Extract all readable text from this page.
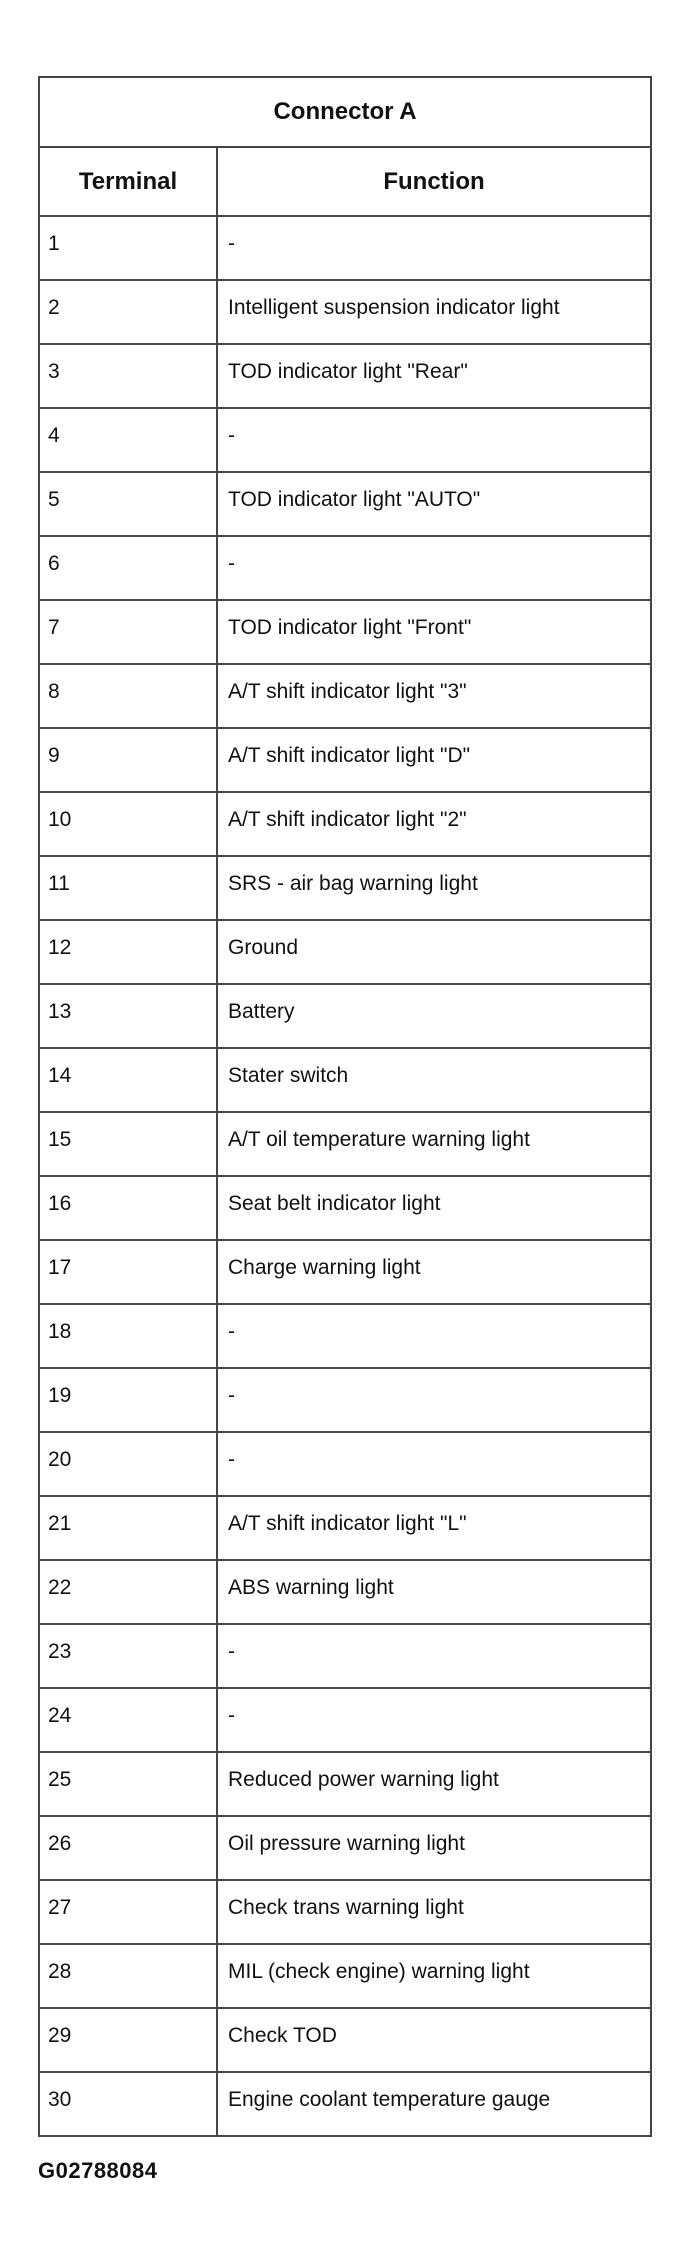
Connector A	
Terminal	Function
1	-
2	Intelligent suspension indicator light
3	TOD indicator light "Rear"
4	-
5	TOD indicator light "AUTO"
6	-
7	TOD indicator light "Front"
8	A/T shift indicator light "3"
9	A/T shift indicator light "D"
10	A/T shift indicator light "2"
11	SRS - air bag warning light
12	Ground
13	Battery
14	Stater switch
15	A/T oil temperature warning light
16	Seat belt indicator light
17	Charge warning light
18	-
19	-
20	-
21	A/T shift indicator light "L"
22	ABS warning light
23	-
24	-
25	Reduced power warning light
26	Oil pressure warning light
27	Check trans warning light
28	MIL (check engine) warning light
29	Check TOD
30	Engine coolant temperature gauge
G02788084
